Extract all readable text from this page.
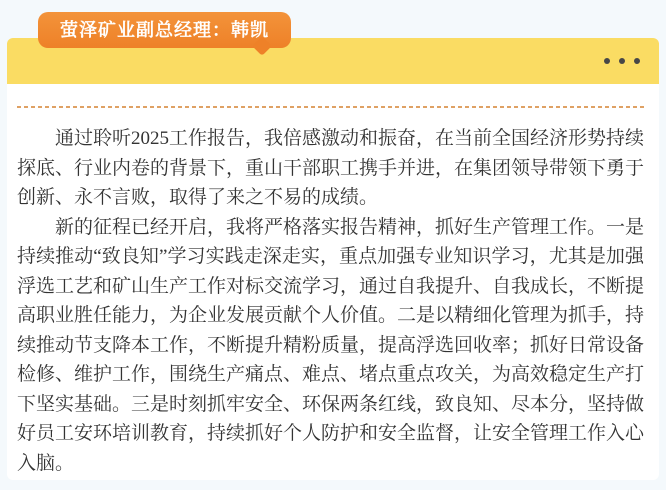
萤泽矿业副总经理：韩凯

通过聆听2025工作报告，我倍感激动和振奋，在当前全国经济形势持续探底、行业内卷的背景下，重山干部职工携手并进，在集团领导带领下勇于创新、永不言败，取得了来之不易的成绩。

新的征程已经开启，我将严格落实报告精神，抓好生产管理工作。一是持续推动“致良知”学习实践走深走实，重点加强专业知识学习，尤其是加强浮选工艺和矿山生产工作对标交流学习，通过自我提升、自我成长，不断提高职业胜任能力，为企业发展贡献个人价值。二是以精细化管理为抓手，持续推动节支降本工作，不断提升精粉质量，提高浮选回收率；抓好日常设备检修、维护工作，围绕生产痛点、难点、堵点重点攻关，为高效稳定生产打下坚实基础。三是时刻抓牢安全、环保两条红线，致良知、尽本分，坚持做好员工安环培训教育，持续抓好个人防护和安全监督，让安全管理工作入心入脑。
